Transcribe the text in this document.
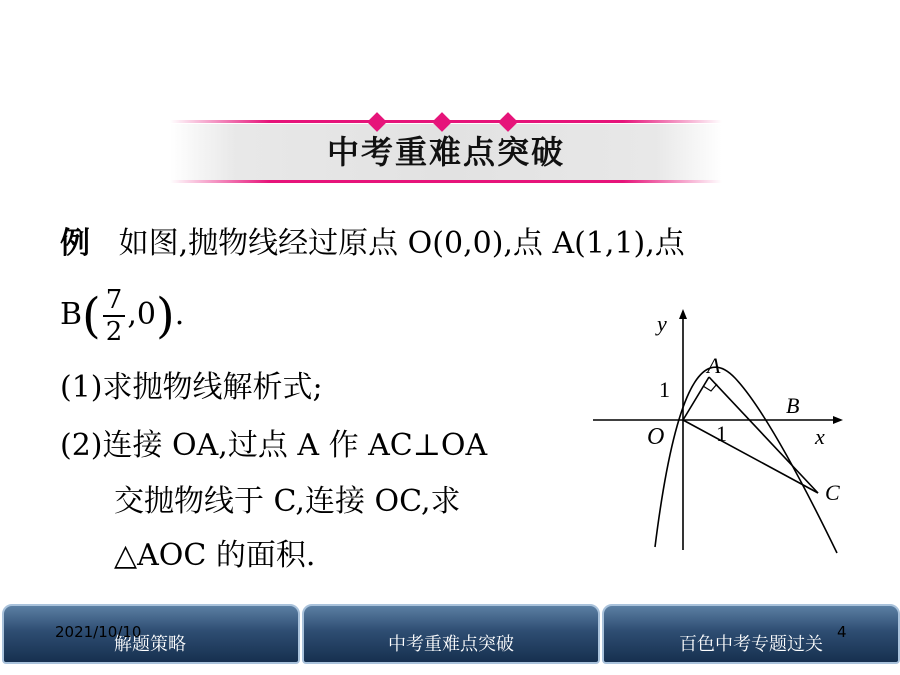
中考重难点突破
例 如图,抛物线经过原点 O(0,0),点 A(1,1),点
$B( \frac{7}{2} ,0)$.
(1)求抛物线解析式;
(2)连接 OA,过点 A 作 AC⊥OA
交抛物线于 C,连接 OC,求
△AOC 的面积.
y
x
O
A
B
C
1
1
解题策略	中考重难点突破	百色中考专题过关
2021/10/10	4
